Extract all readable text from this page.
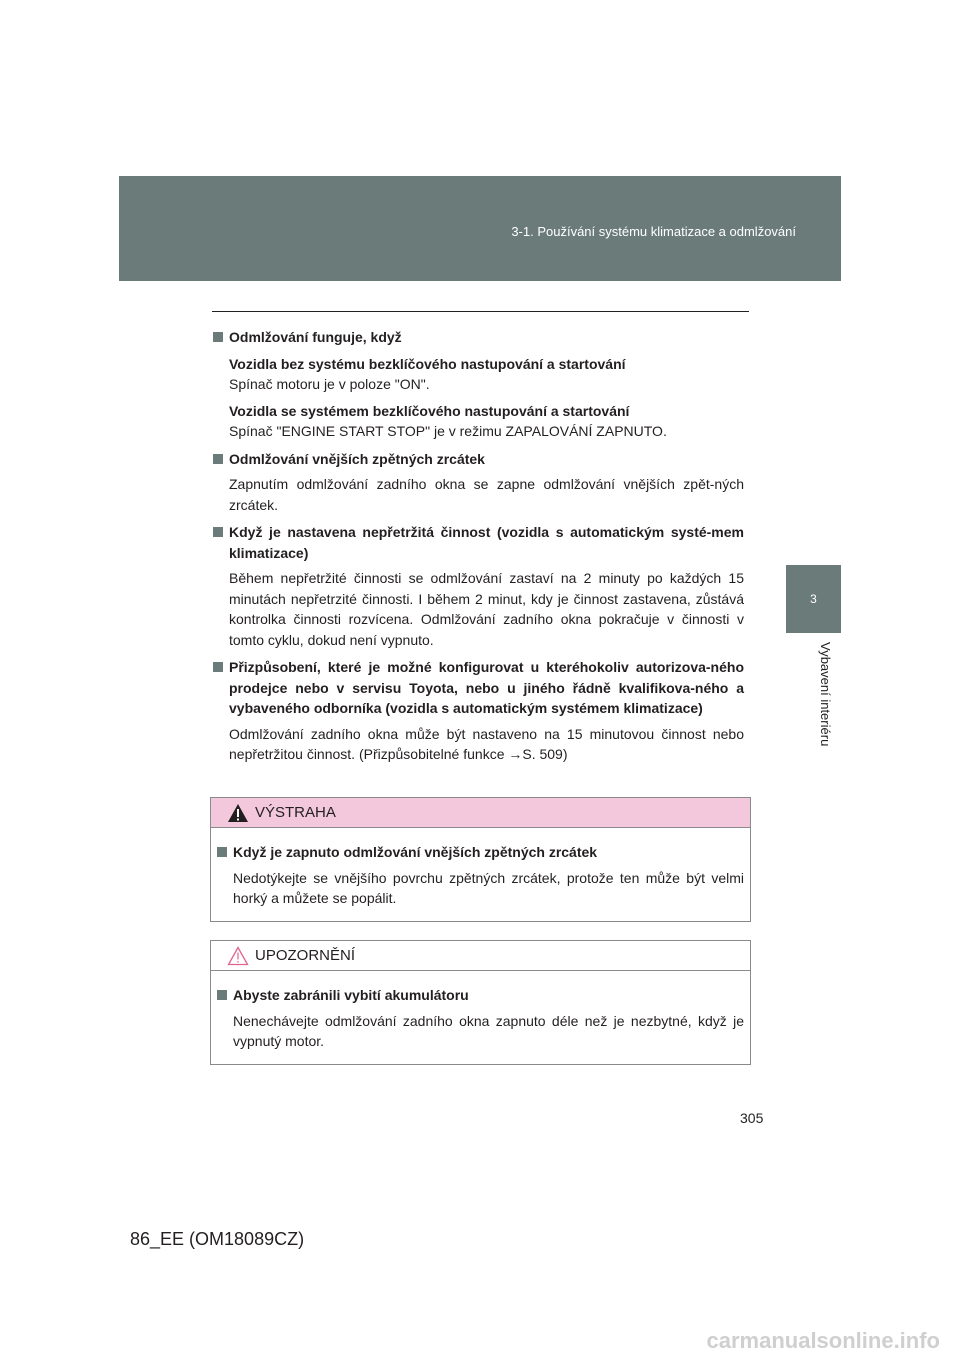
3-1. Používání systému klimatizace a odmlžování
3
Vybavení interiéru
Odmlžování funguje, když
Vozidla bez systému bezklíčového nastupování a startování
Spínač motoru je v poloze "ON".
Vozidla se systémem bezklíčového nastupování a startování
Spínač "ENGINE START STOP" je v režimu ZAPALOVÁNÍ ZAPNUTO.
Odmlžování vnějších zpětných zrcátek
Zapnutím odmlžování zadního okna se zapne odmlžování vnějších zpět-ných zrcátek.
Když je nastavena nepřetržitá činnost (vozidla s automatickým systé-mem klimatizace)
Během nepřetržité činnosti se odmlžování zastaví na 2 minuty po každých 15 minutách nepřetrzité činnosti. I během 2 minut, kdy je činnost zastavena, zůstává kontrolka činnosti rozvícena. Odmlžování zadního okna pokračuje v činnosti v tomto cyklu, dokud není vypnuto.
Přizpůsobení, které je možné konfigurovat u kteréhokoliv autorizova-ného prodejce nebo v servisu Toyota, nebo u jiného řádně kvalifikova-ného a vybaveného odborníka (vozidla s automatickým systémem klimatizace)
Odmlžování zadního okna může být nastaveno na 15 minutovou činnost nebo nepřetržitou činnost. (Přizpůsobitelné funkce →S. 509)
VÝSTRAHA
Když je zapnuto odmlžování vnějších zpětných zrcátek
Nedotýkejte se vnějšího povrchu zpětných zrcátek, protože ten může být velmi horký a můžete se popálit.
UPOZORNĚNÍ
Abyste zabránili vybití akumulátoru
Nenechávejte odmlžování zadního okna zapnuto déle než je nezbytné, když je vypnutý motor.
305
86_EE (OM18089CZ)
carmanualsonline.info
